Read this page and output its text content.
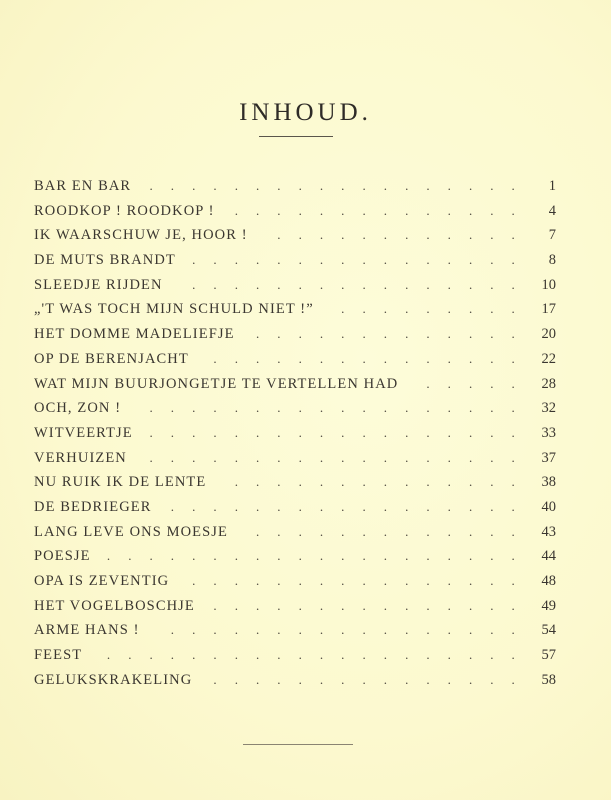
INHOUD.
. . . . . . . . . . . . . . . . . .
BAR EN BAR	1
. . . . . . . . . . . . . .
ROODKOP ! ROODKOP !	4
. . . . . . . . . . . .
IK WAARSCHUW JE, HOOR !	7
. . . . . . . . . . . . . . . .
DE MUTS BRANDT	8
. . . . . . . . . . . . . . . .
SLEEDJE RIJDEN	10
. . . . . . . . .
„'T WAS TOCH MIJN SCHULD NIET !”	17
. . . . . . . . . . . . .
HET DOMME MADELIEFJE	20
. . . . . . . . . . . . . . .
OP DE BERENJACHT	22
. . . . .
WAT MIJN BUURJONGETJE TE VERTELLEN HAD	28
. . . . . . . . . . . . . . . . . .
OCH, ZON !	32
. . . . . . . . . . . . . . . . . .
WITVEERTJE	33
. . . . . . . . . . . . . . . . . .
VERHUIZEN	37
. . . . . . . . . . . . . .
NU RUIK IK DE LENTE	38
. . . . . . . . . . . . . . . . .
DE BEDRIEGER	40
. . . . . . . . . . . . .
LANG LEVE ONS MOESJE	43
. . . . . . . . . . . . . . . . . . . .
POESJE	44
. . . . . . . . . . . . . . . .
OPA IS ZEVENTIG	48
. . . . . . . . . . . . . . .
HET VOGELBOSCHJE	49
. . . . . . . . . . . . . . . . .
ARME HANS !	54
. . . . . . . . . . . . . . . . . . . .
FEEST	57
. . . . . . . . . . . . . . .
GELUKSKRAKELING	58
